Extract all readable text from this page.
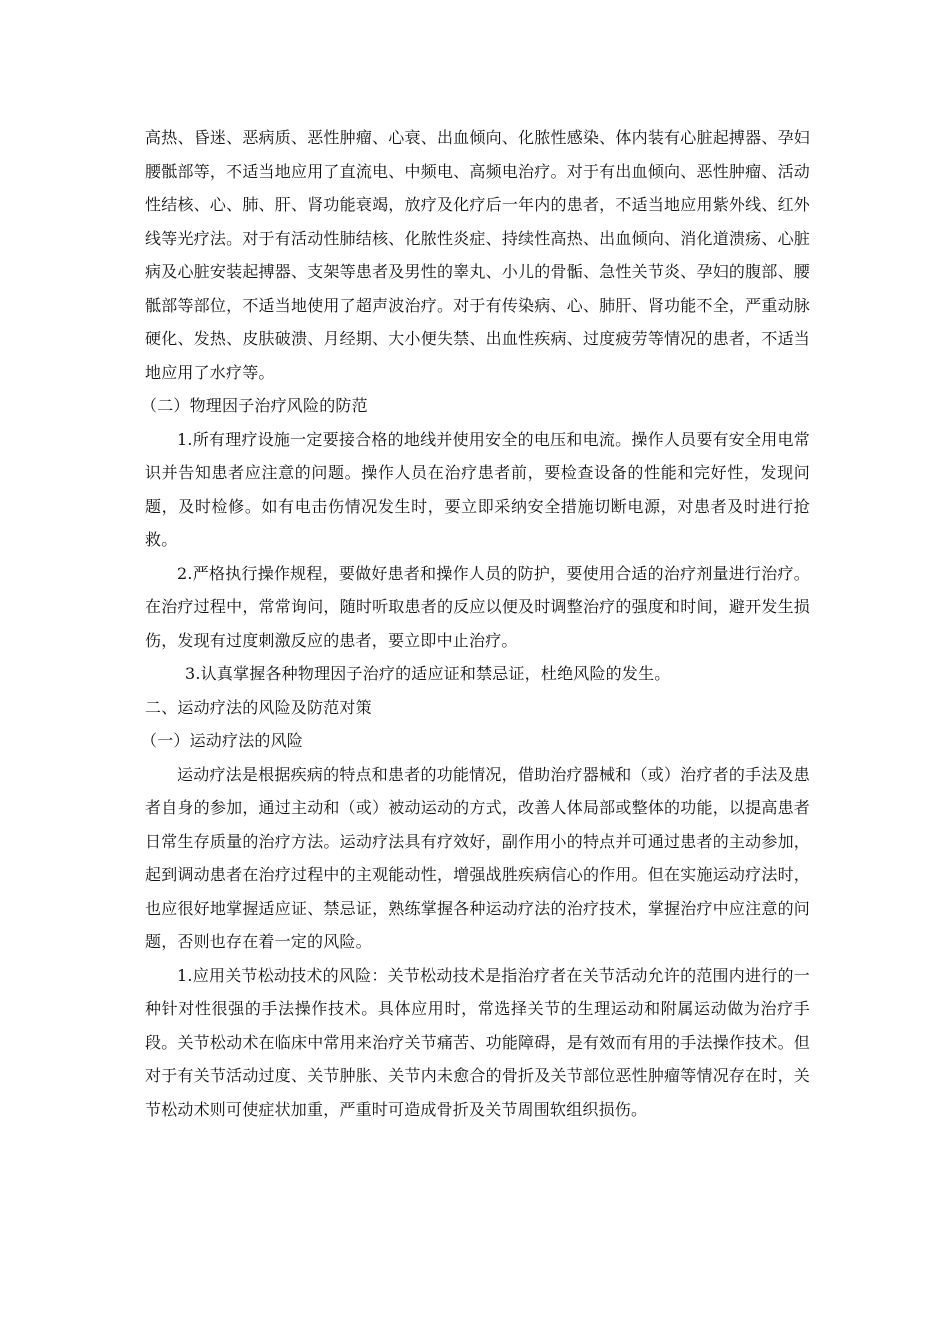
高热、昏迷、恶病质、恶性肿瘤、心衰、出血倾向、化脓性感染、体内装有心脏起搏器、孕妇腰骶部等，不适当地应用了直流电、中频电、高频电治疗。对于有出血倾向、恶性肿瘤、活动性结核、心、肺、肝、肾功能衰竭，放疗及化疗后一年内的患者，不适当地应用紫外线、红外线等光疗法。对于有活动性肺结核、化脓性炎症、持续性高热、出血倾向、消化道溃疡、心脏病及心脏安装起搏器、支架等患者及男性的睾丸、小儿的骨骺、急性关节炎、孕妇的腹部、腰骶部等部位，不适当地使用了超声波治疗。对于有传染病、心、肺肝、肾功能不全，严重动脉硬化、发热、皮肤破溃、月经期、大小便失禁、出血性疾病、过度疲劳等情况的患者，不适当地应用了水疗等。

（二）物理因子治疗风险的防范

1.所有理疗设施一定要接合格的地线并使用安全的电压和电流。操作人员要有安全用电常识并告知患者应注意的问题。操作人员在治疗患者前，要检查设备的性能和完好性，发现问题，及时检修。如有电击伤情况发生时，要立即采纳安全措施切断电源，对患者及时进行抢救。

2.严格执行操作规程，要做好患者和操作人员的防护，要使用合适的治疗剂量进行治疗。在治疗过程中，常常询问，随时听取患者的反应以便及时调整治疗的强度和时间，避开发生损伤，发现有过度刺激反应的患者，要立即中止治疗。

3.认真掌握各种物理因子治疗的适应证和禁忌证，杜绝风险的发生。

二、运动疗法的风险及防范对策

（一）运动疗法的风险

运动疗法是根据疾病的特点和患者的功能情况，借助治疗器械和（或）治疗者的手法及患者自身的参加，通过主动和（或）被动运动的方式，改善人体局部或整体的功能，以提高患者日常生存质量的治疗方法。运动疗法具有疗效好，副作用小的特点并可通过患者的主动参加，起到调动患者在治疗过程中的主观能动性，增强战胜疾病信心的作用。但在实施运动疗法时，也应很好地掌握适应证、禁忌证，熟练掌握各种运动疗法的治疗技术，掌握治疗中应注意的问题，否则也存在着一定的风险。

1.应用关节松动技术的风险：关节松动技术是指治疗者在关节活动允许的范围内进行的一种针对性很强的手法操作技术。具体应用时，常选择关节的生理运动和附属运动做为治疗手段。关节松动术在临床中常用来治疗关节痛苦、功能障碍，是有效而有用的手法操作技术。但对于有关节活动过度、关节肿胀、关节内未愈合的骨折及关节部位恶性肿瘤等情况存在时，关节松动术则可使症状加重，严重时可造成骨折及关节周围软组织损伤。
